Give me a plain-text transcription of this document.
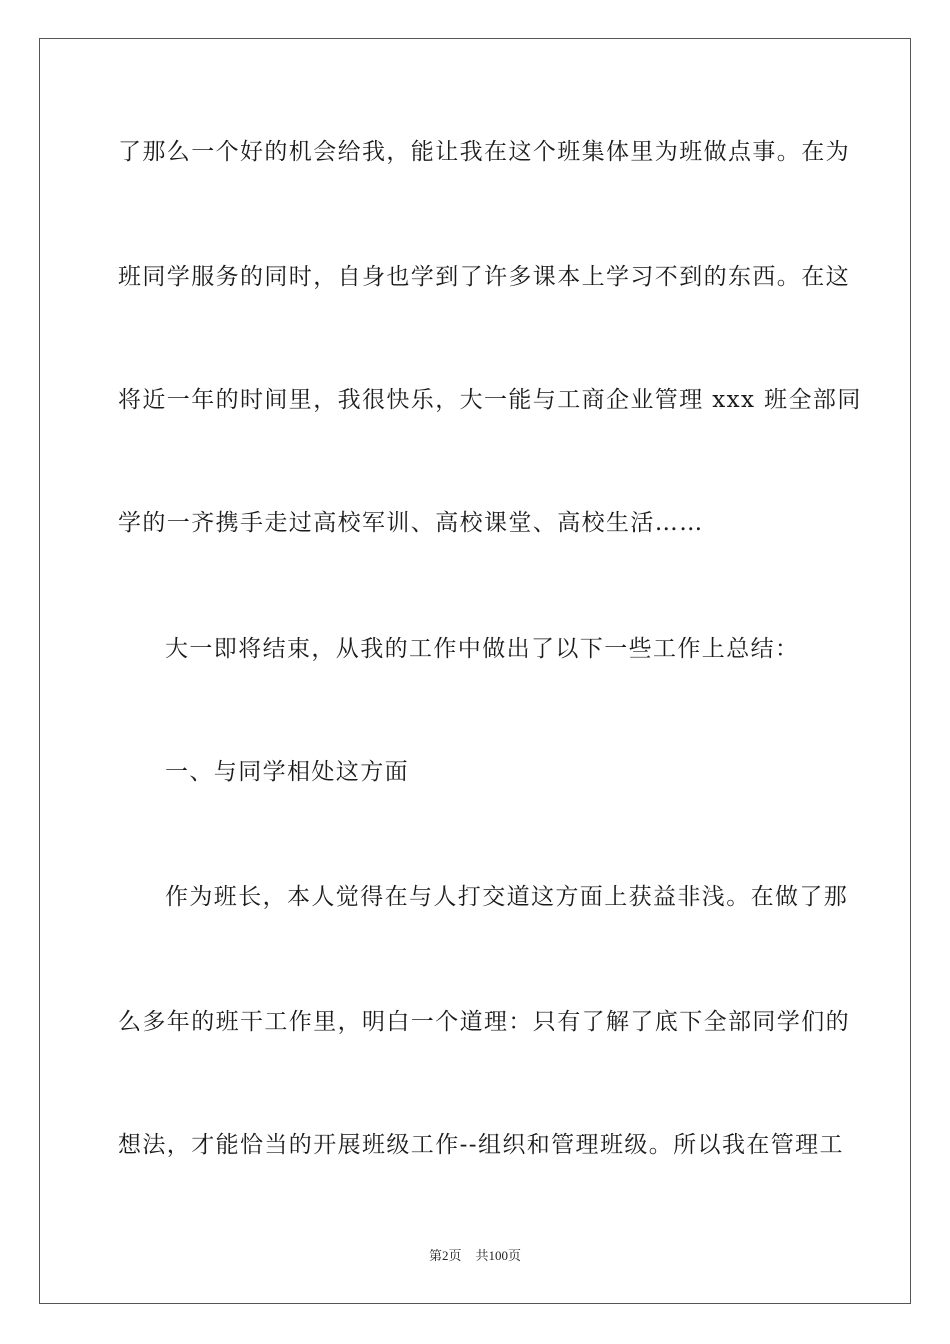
了那么一个好的机会给我，能让我在这个班集体里为班做点事。在为
班同学服务的同时，自身也学到了许多课本上学习不到的东西。在这
将近一年的时间里，我很快乐，大一能与工商企业管理 xxx 班全部同
学的一齐携手走过高校军训、高校课堂、高校生活……
大一即将结束，从我的工作中做出了以下一些工作上总结：
一、与同学相处这方面
作为班长，本人觉得在与人打交道这方面上获益非浅。在做了那
么多年的班干工作里，明白一个道理：只有了解了底下全部同学们的
想法，才能恰当的开展班级工作--组织和管理班级。所以我在管理工
第2页 共100页
